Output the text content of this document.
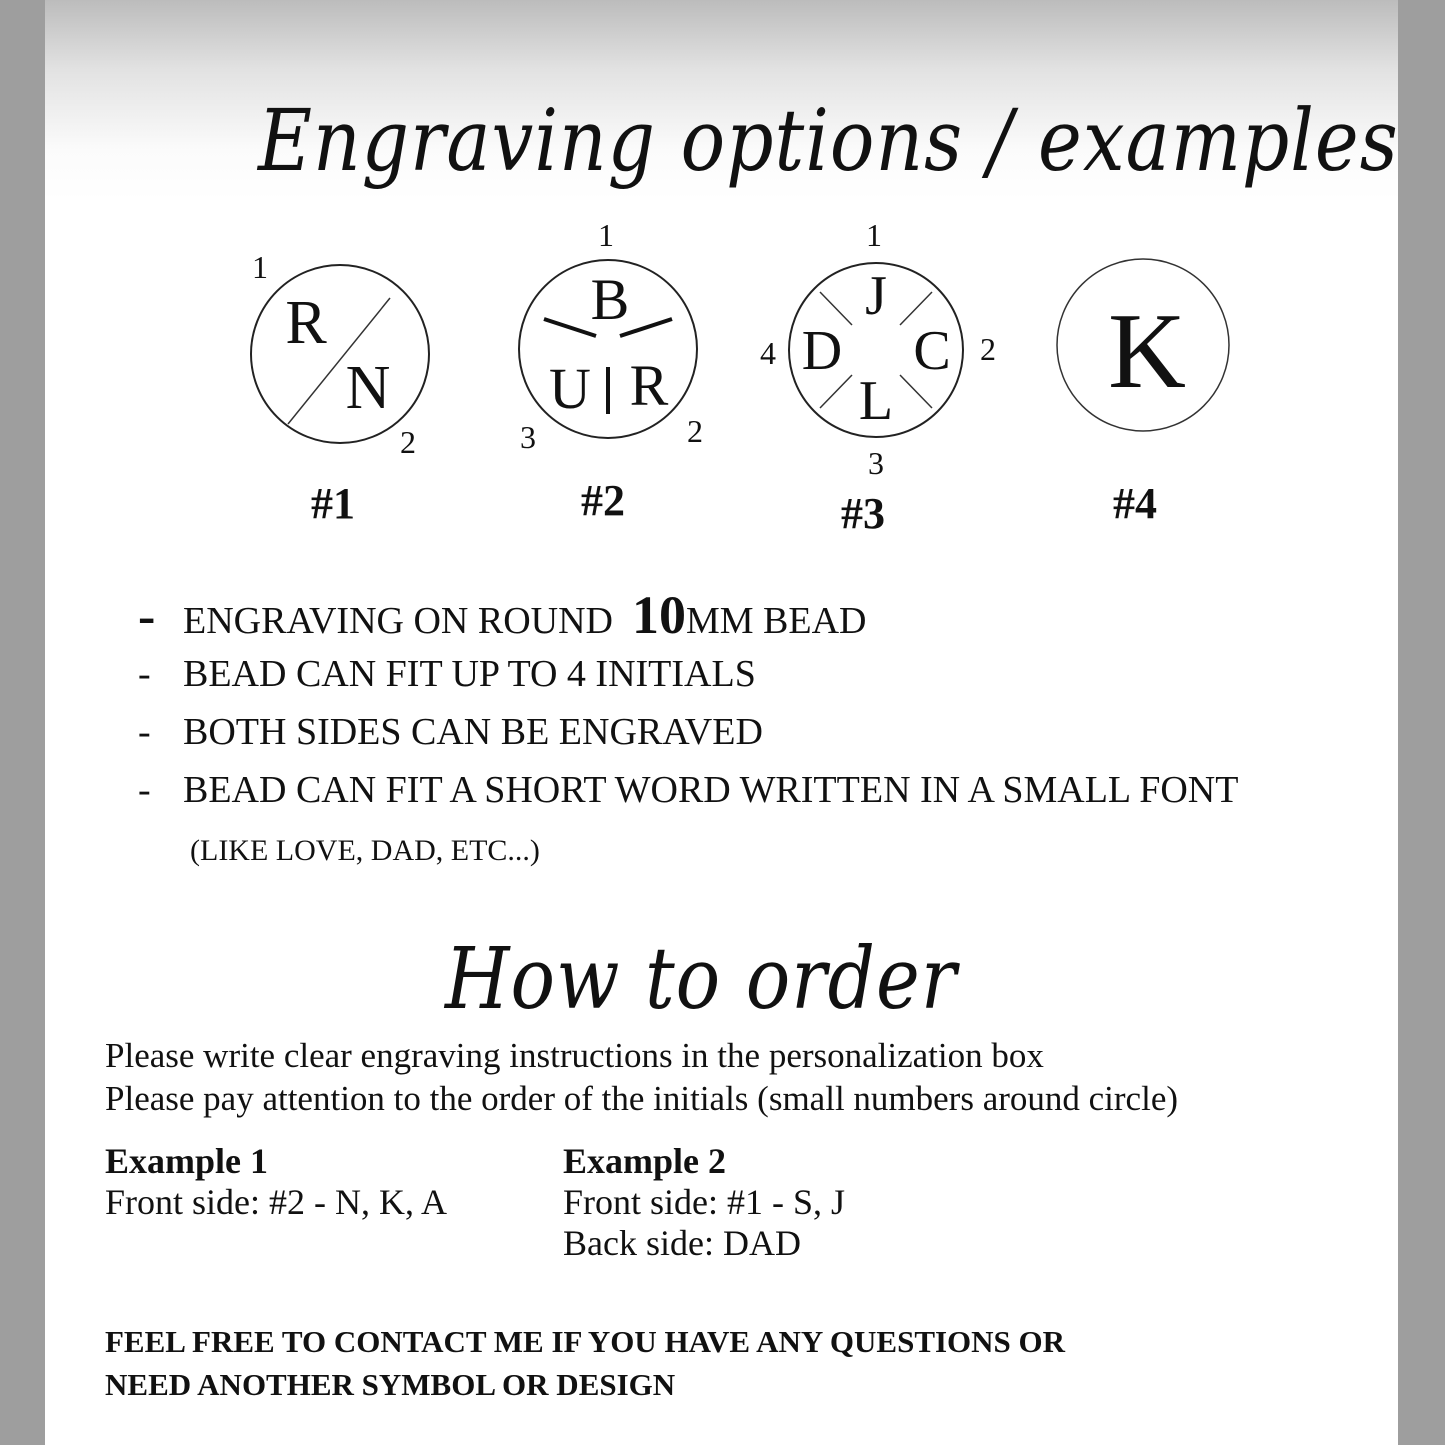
Engraving options / examples
R
N
1
2
#1
B
U R
1
2
3
#2
J
C
L
D
1
2
3
4
#3
K
#4
- ENGRAVING ON ROUND 10MM BEAD
- BEAD CAN FIT UP TO 4 INITIALS
- BOTH SIDES CAN BE ENGRAVED
- BEAD CAN FIT A SHORT WORD WRITTEN IN A SMALL FONT
(LIKE LOVE, DAD, ETC...)
How to order
Please write clear engraving instructions in the personalization box
Please pay attention to the order of the initials (small numbers around circle)
Example 1
Front side: #2 - N, K, A
Example 2
Front side: #1 - S, J
Back side: DAD
FEEL FREE TO CONTACT ME IF YOU HAVE ANY QUESTIONS OR
NEED ANOTHER SYMBOL OR DESIGN
